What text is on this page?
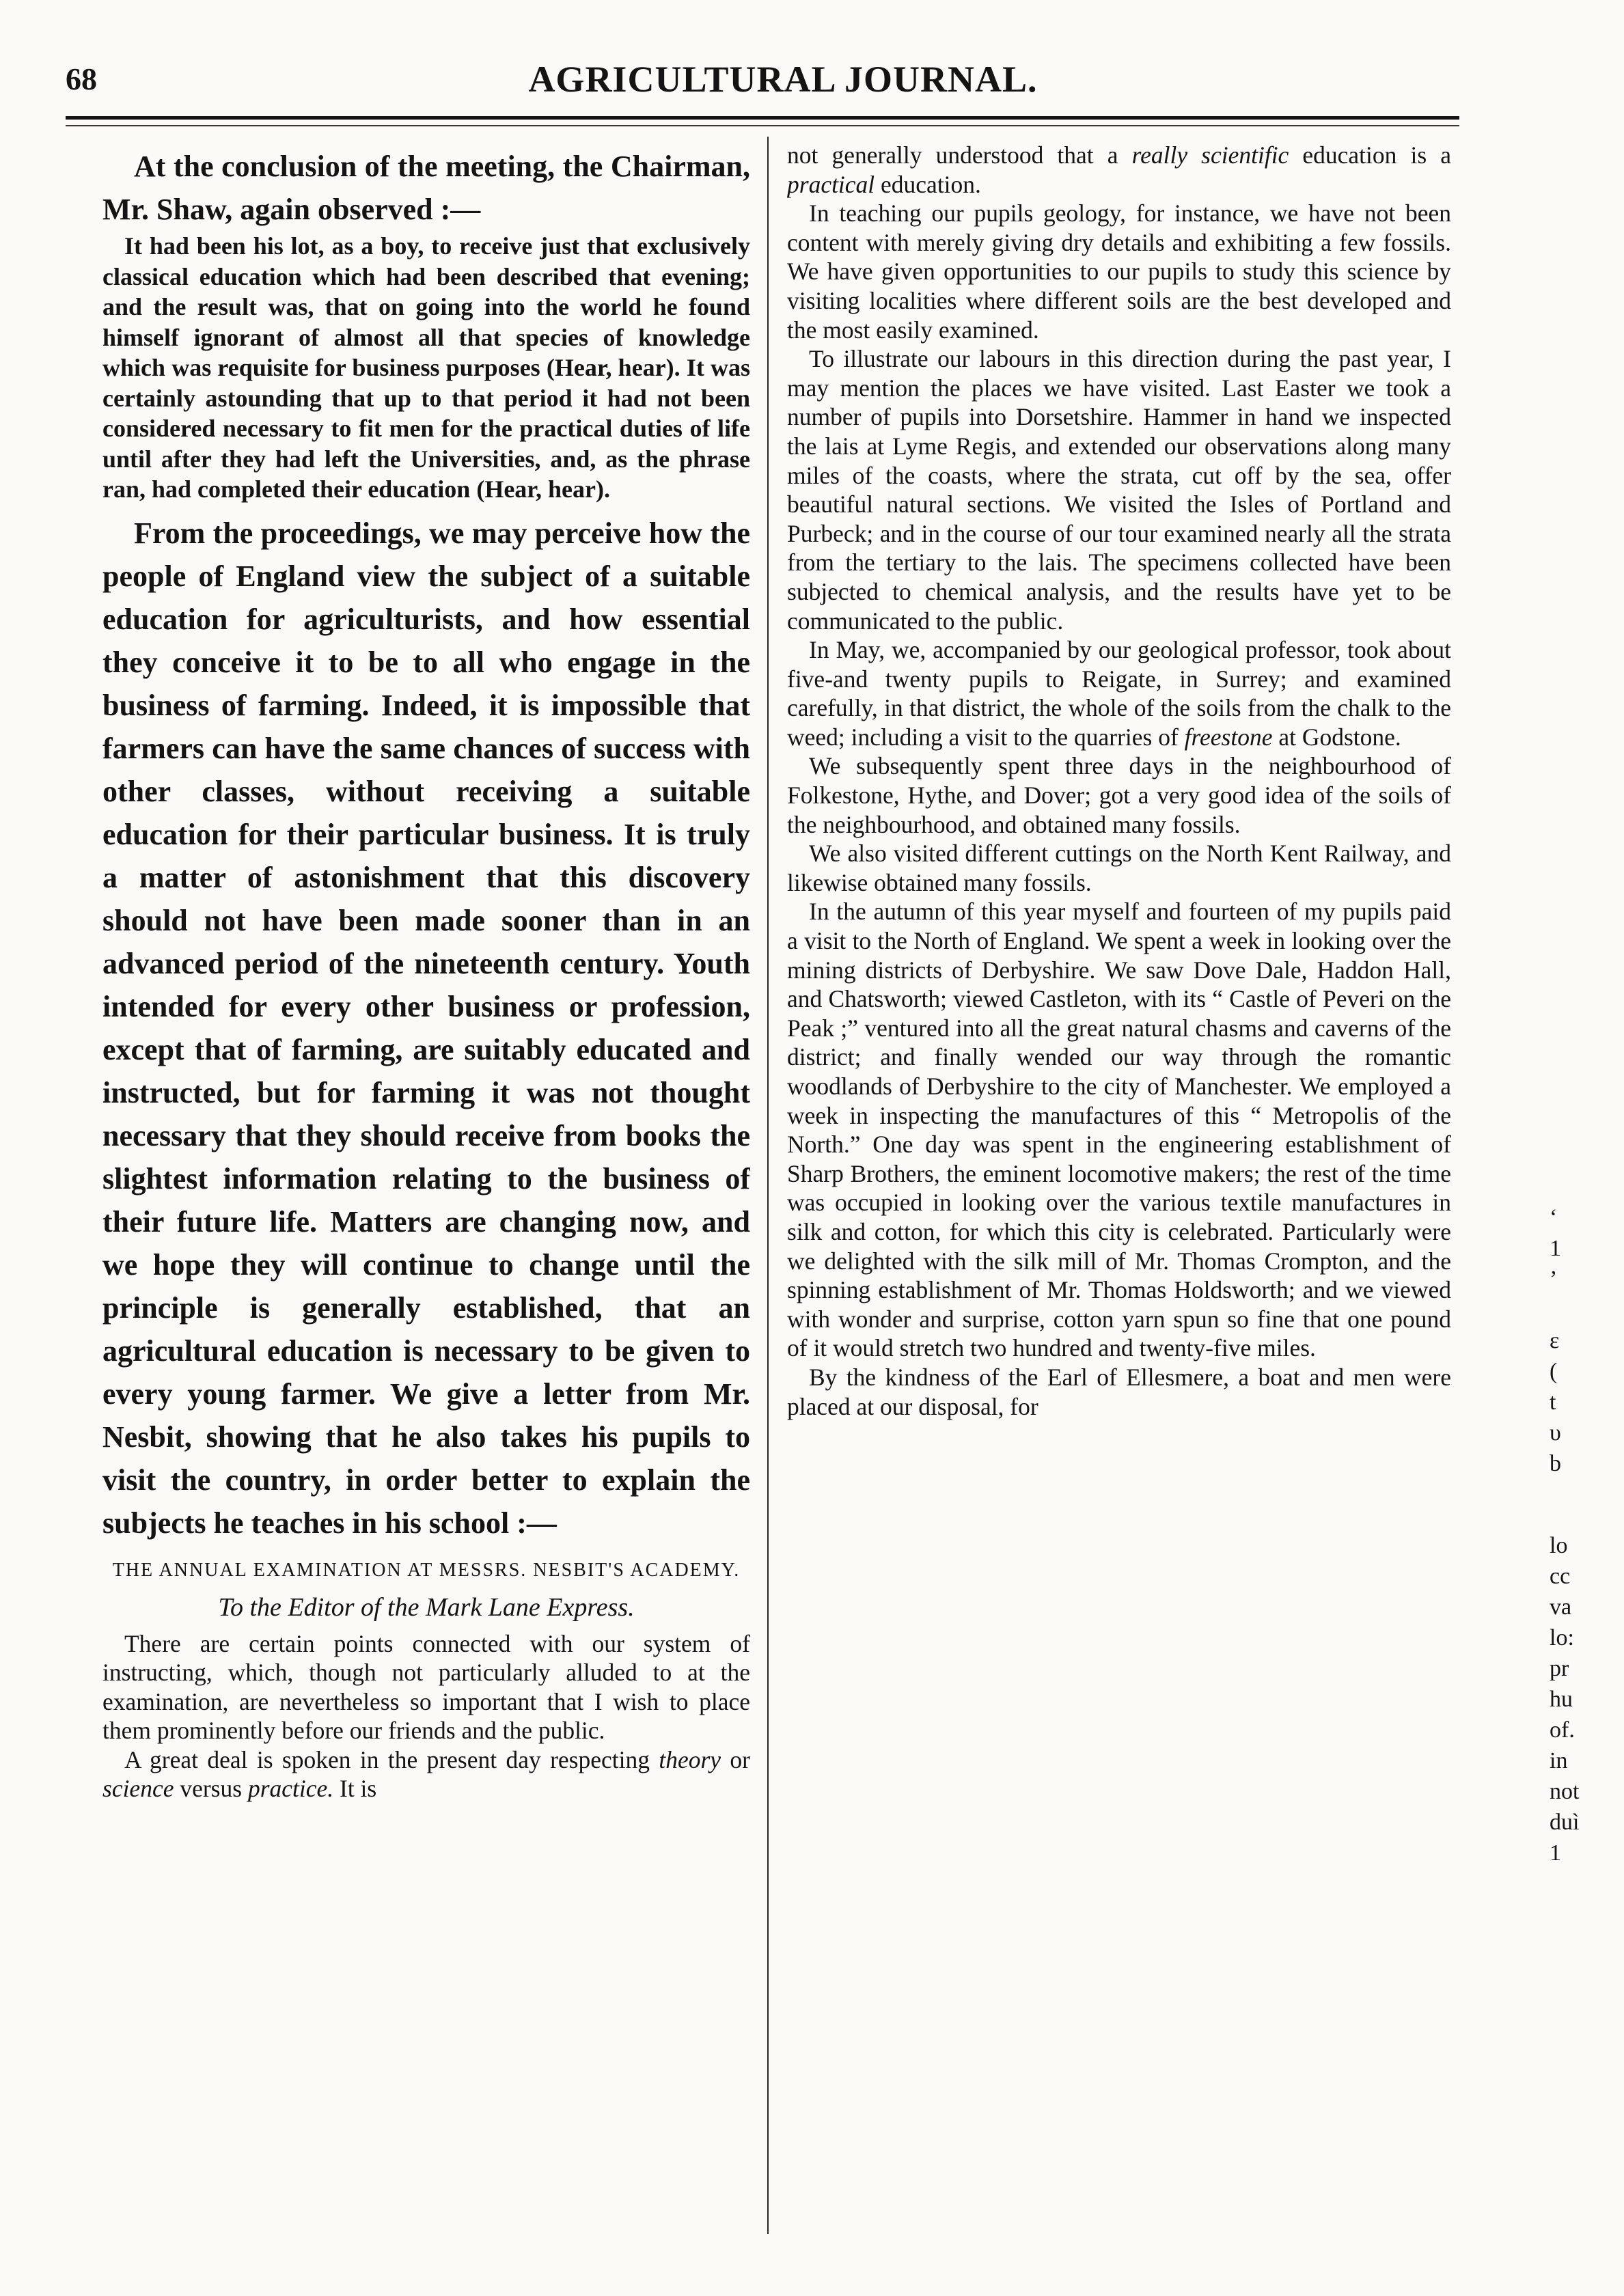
68	AGRICULTURAL JOURNAL.

At the conclusion of the meeting, the Chairman, Mr. Shaw, again observed :—

It had been his lot, as a boy, to receive just that exclusively classical education which had been described that evening; and the result was, that on going into the world he found himself ignorant of almost all that species of knowledge which was requisite for business purposes (Hear, hear). It was certainly astounding that up to that period it had not been considered necessary to fit men for the practical duties of life until after they had left the Universities, and, as the phrase ran, had completed their education (Hear, hear).

From the proceedings, we may perceive how the people of England view the subject of a suitable education for agriculturists, and how essential they conceive it to be to all who engage in the business of farming. Indeed, it is impossible that farmers can have the same chances of success with other classes, without receiving a suitable education for their particular business. It is truly a matter of astonishment that this discovery should not have been made sooner than in an advanced period of the nineteenth century. Youth intended for every other business or profession, except that of farming, are suitably educated and instructed, but for farming it was not thought necessary that they should receive from books the slightest information relating to the business of their future life. Matters are changing now, and we hope they will continue to change until the principle is generally established, that an agricultural education is necessary to be given to every young farmer. We give a letter from Mr. Nesbit, showing that he also takes his pupils to visit the country, in order better to explain the subjects he teaches in his school :—

THE ANNUAL EXAMINATION AT MESSRS. NESBIT'S ACADEMY.

To the Editor of the Mark Lane Express.

There are certain points connected with our system of instructing, which, though not particularly alluded to at the examination, are nevertheless so important that I wish to place them prominently before our friends and the public.

A great deal is spoken in the present day respecting theory or science versus practice. It is

not generally understood that a really scientific education is a practical education.

In teaching our pupils geology, for instance, we have not been content with merely giving dry details and exhibiting a few fossils. We have given opportunities to our pupils to study this science by visiting localities where different soils are the best developed and the most easily examined.

To illustrate our labours in this direction during the past year, I may mention the places we have visited. Last Easter we took a number of pupils into Dorsetshire. Hammer in hand we inspected the lais at Lyme Regis, and extended our observations along many miles of the coasts, where the strata, cut off by the sea, offer beautiful natural sections. We visited the Isles of Portland and Purbeck; and in the course of our tour examined nearly all the strata from the tertiary to the lais. The specimens collected have been subjected to chemical analysis, and the results have yet to be communicated to the public.

In May, we, accompanied by our geological professor, took about five-and twenty pupils to Reigate, in Surrey; and examined carefully, in that district, the whole of the soils from the chalk to the weed; including a visit to the quarries of freestone at Godstone.

We subsequently spent three days in the neighbourhood of Folkestone, Hythe, and Dover; got a very good idea of the soils of the neighbourhood, and obtained many fossils.

We also visited different cuttings on the North Kent Railway, and likewise obtained many fossils.

In the autumn of this year myself and fourteen of my pupils paid a visit to the North of England. We spent a week in looking over the mining districts of Derbyshire. We saw Dove Dale, Haddon Hall, and Chatsworth; viewed Castleton, with its “ Castle of Peveri on the Peak ;” ventured into all the great natural chasms and caverns of the district; and finally wended our way through the romantic woodlands of Derbyshire to the city of Manchester. We employed a week in inspecting the manufactures of this “ Metropolis of the North.” One day was spent in the engineering establishment of Sharp Brothers, the eminent locomotive makers; the rest of the time was occupied in looking over the various textile manufactures in silk and cotton, for which this city is celebrated. Particularly were we delighted with the silk mill of Mr. Thomas Crompton, and the spinning establishment of Mr. Thomas Holdsworth; and we viewed with wonder and surprise, cotton yarn spun so fine that one pound of it would stretch two hundred and twenty-five miles.

By the kindness of the Earl of Ellesmere, a boat and men were placed at our disposal, for

‘
1
’

ε
(
t
υ
b
lo
cc
va
lo:
pr
hu
of.
in
not
duì
1
